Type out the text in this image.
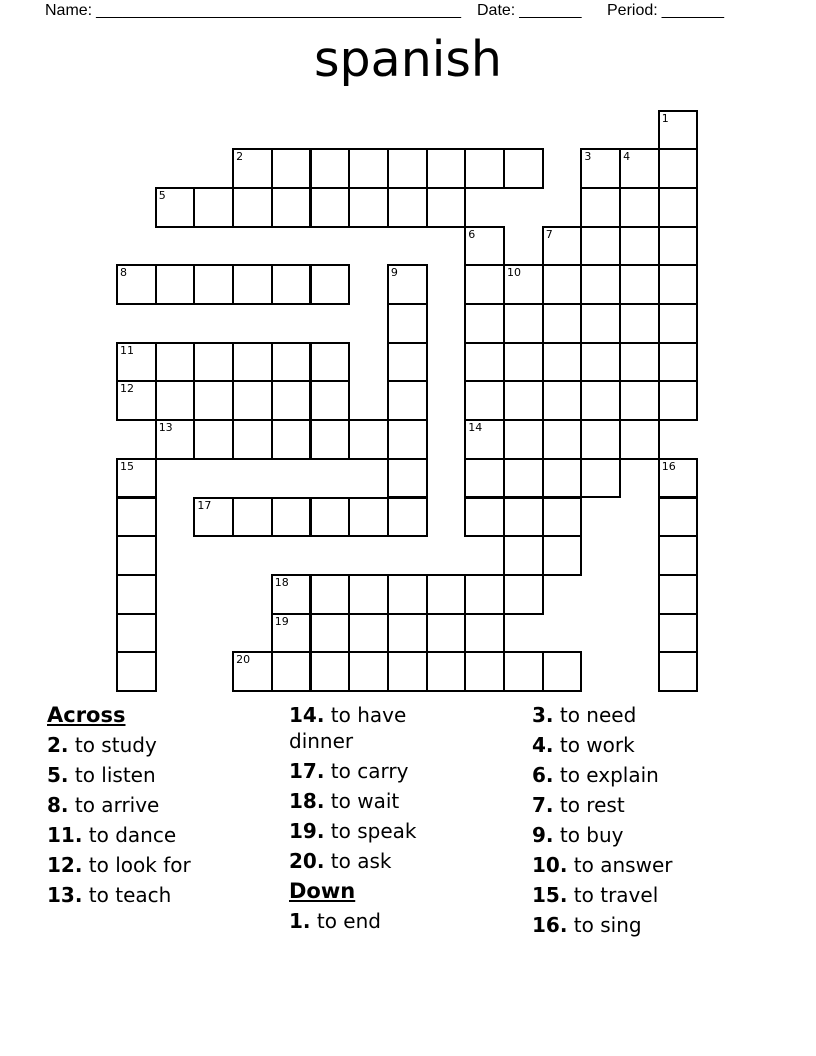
Name: _________________________________________ Date: _______ Period: _______
spanish
1
2	3	4
5
6
14
7
8	9	10
11
12
13
15	16
17
18
19
20
Across
2. to study
5. to listen
8. to arrive
11. to dance
12. to look for
13. to teach
14. to have dinner
17. to carry
18. to wait
19. to speak
20. to ask
Down
1. to end
3. to need
4. to work
6. to explain
7. to rest
9. to buy
10. to answer
15. to travel
16. to sing
